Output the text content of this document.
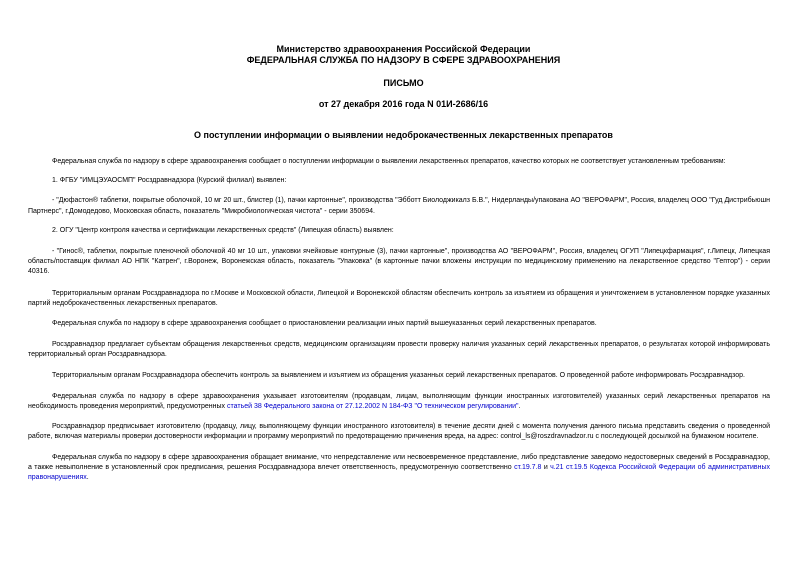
Министерство здравоохранения Российской Федерации
ФЕДЕРАЛЬНАЯ СЛУЖБА ПО НАДЗОРУ В СФЕРЕ ЗДРАВООХРАНЕНИЯ
ПИСЬМО
от 27 декабря 2016 года N 01И-2686/16
О поступлении информации о выявлении недоброкачественных лекарственных препаратов

Федеральная служба по надзору в сфере здравоохранения сообщает о поступлении информации о выявлении лекарственных препаратов, качество которых не соответствует установленным требованиям:

1. ФГБУ "ИМЦЭУАОСМП" Росздравнадзора (Курский филиал) выявлен:

- "Дюфастон® таблетки, покрытые оболочкой, 10 мг 20 шт., блистер (1), пачки картонные", производства "Эбботт Биолоджикалз Б.В.", Нидерланды/упакована АО "ВЕРОФАРМ", Россия, владелец ООО "Гуд Дистрибьюшн Партнерс", г.Домодедово, Московская область, показатель "Микробиологическая чистота" - серии 350694.

2. ОГУ "Центр контроля качества и сертификации лекарственных средств" (Липецкая область) выявлен:

- "Гинос®, таблетки, покрытые пленочной оболочкой 40 мг 10 шт., упаковки ячейковые контурные (3), пачки картонные", производства АО "ВЕРОФАРМ", Россия, владелец ОГУП "Липецкфармация", г.Липецк, Липецкая область/поставщик филиал АО НПК "Катрен", г.Воронеж, Воронежская область, показатель "Упаковка" (в картонные пачки вложены инструкции по медицинскому применению на лекарственное средство "Гептор") - серии 40316.

Территориальным органам Росздравнадзора по г.Москве и Московской области, Липецкой и Воронежской областям обеспечить контроль за изъятием из обращения и уничтожением в установленном порядке указанных партий недоброкачественных лекарственных препаратов.

Федеральная служба по надзору в сфере здравоохранения сообщает о приостановлении реализации иных партий вышеуказанных серий лекарственных препаратов.

Росздравнадзор предлагает субъектам обращения лекарственных средств, медицинским организациям провести проверку наличия указанных серий лекарственных препаратов, о результатах которой информировать территориальный орган Росздравнадзора.

Территориальным органам Росздравнадзора обеспечить контроль за выявлением и изъятием из обращения указанных серий лекарственных препаратов. О проведенной работе информировать Росздравнадзор.

Федеральная служба по надзору в сфере здравоохранения указывает изготовителям (продавцам, лицам, выполняющим функции иностранных изготовителей) указанных серий лекарственных препаратов на необходимость проведения мероприятий, предусмотренных статьей 38 Федерального закона от 27.12.2002 N 184-ФЗ "О техническом регулировании".

Росздравнадзор предписывает изготовителю (продавцу, лицу, выполняющему функции иностранного изготовителя) в течение десяти дней с момента получения данного письма представить сведения о проведенной работе, включая материалы проверки достоверности информации и программу мероприятий по предотвращению причинения вреда, на адрес: control_ls@roszdravnadzor.ru с последующей досылкой на бумажном носителе.

Федеральная служба по надзору в сфере здравоохранения обращает внимание, что непредставление или несвоевременное представление, либо представление заведомо недостоверных сведений в Росздравнадзор, а также невыполнение в установленный срок предписания, решения Росздравнадзора влечет ответственность, предусмотренную соответственно ст.19.7.8 и ч.21 ст.19.5 Кодекса Российской Федерации об административных правонарушениях.
